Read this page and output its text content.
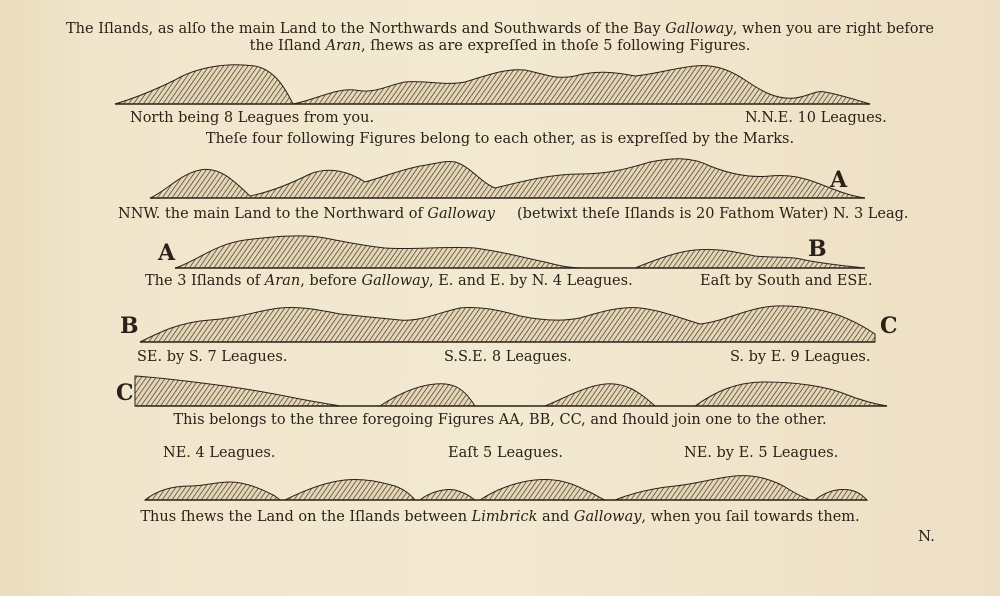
The Iſlands, as alſo the main Land to the Northwards and Southwards of the Bay Galloway, when you are right before
the Iſland Aran, ſhews as are expreſſed in thoſe 5 following Figures.
North being 8 Leagues from you.	N.N.E. 10 Leagues.
Theſe four following Figures belong to each other, as is expreſſed by the Marks.
A
NNW. the main Land to the Northward of Galloway (betwixt theſe Iſlands is 20 Fathom Water) N. 3 Leag.
A	B
The 3 Iſlands of Aran, before Galloway, E. and E. by N. 4 Leagues.	Eaſt by South and ESE.
B	C
SE. by S. 7 Leagues.	S.S.E. 8 Leagues.	S. by E. 9 Leagues.
C
This belongs to the three foregoing Figures AA, BB, CC, and ſhould join one to the other.
NE. 4 Leagues.	Eaſt 5 Leagues.	NE. by E. 5 Leagues.
Thus ſhews the Land on the Iſlands between Limbrick and Galloway, when you ſail towards them.
N.
